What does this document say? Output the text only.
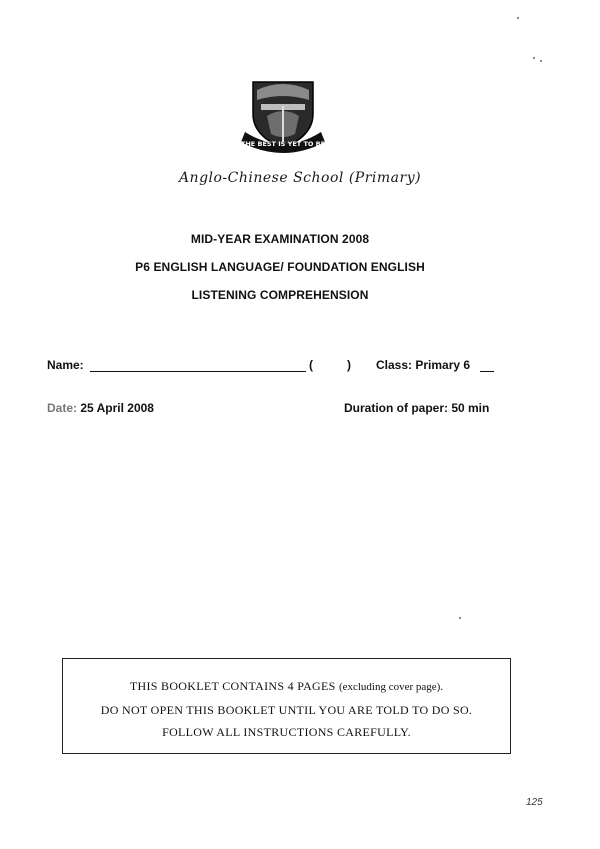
THE BEST IS YET TO BE
Anglo-Chinese School (Primary)
MID-YEAR EXAMINATION 2008
P6 ENGLISH LANGUAGE/ FOUNDATION ENGLISH
LISTENING COMPREHENSION
Name:	(	) Class: Primary 6
Date: 25 April 2008	Duration of paper: 50 min
THIS BOOKLET CONTAINS 4 PAGES (excluding cover page).
DO NOT OPEN THIS BOOKLET UNTIL YOU ARE TOLD TO DO SO.
FOLLOW ALL INSTRUCTIONS CAREFULLY.
125
